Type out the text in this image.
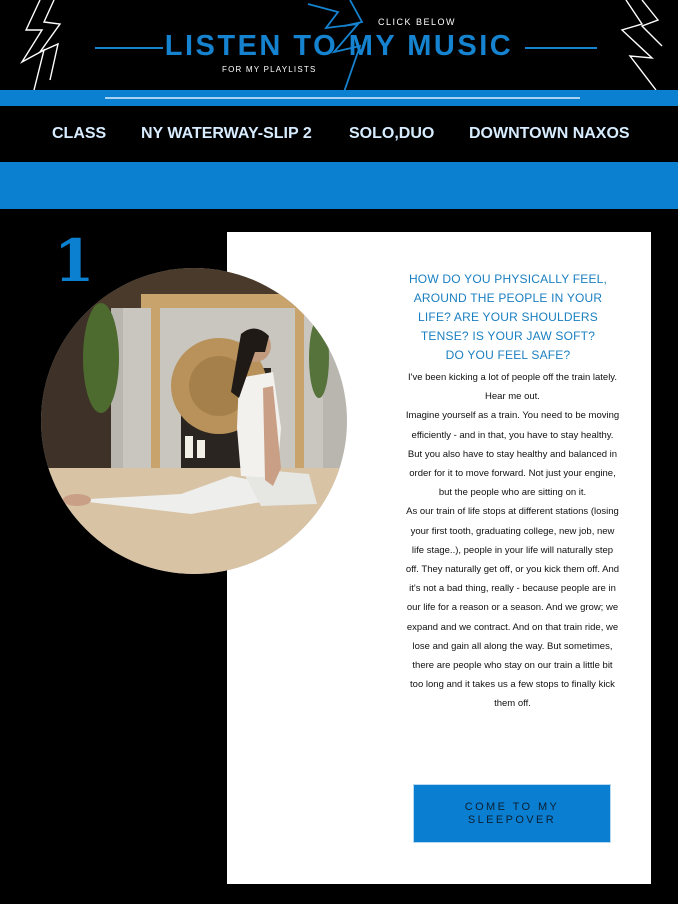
CLICK BELOW
LISTEN TO MY MUSIC
FOR MY PLAYLISTS
CLASS NY WATERWAY-SLIP 2 SOLO,DUO DOWNTOWN NAXOS
1	HOW DO YOU PHYSICALLY FEEL,
AROUND THE PEOPLE IN YOUR
LIFE? ARE YOUR SHOULDERS
TENSE? IS YOUR JAW SOFT?
DO YOU FEEL SAFE?

I've been kicking a lot of people off the train lately. Hear me out.

Imagine yourself as a train. You need to be moving efficiently - and in that, you have to stay healthy. But you also have to stay healthy and balanced in order for it to move forward. Not just your engine, but the people who are sitting on it.

As our train of life stops at different stations (losing your first tooth, graduating college, new job, new life stage..), people in your life will naturally step off. They naturally get off, or you kick them off. And it's not a bad thing, really - because people are in our life for a reason or a season. And we grow; we expand and we contract. And on that train ride, we lose and gain all along the way. But sometimes, there are people who stay on our train a little bit too long and it takes us a few stops to finally kick them off.

COME TO MY SLEEPOVER
